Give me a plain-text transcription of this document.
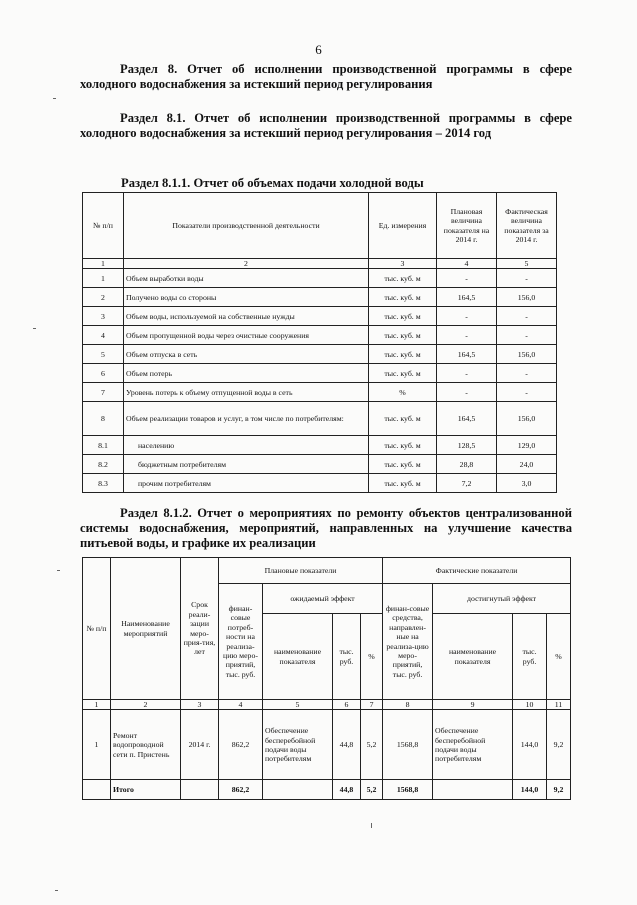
6

Раздел 8. Отчет об исполнении производственной программы в сфере холодного водоснабжения за истекший период регулирования

Раздел 8.1. Отчет об исполнении производственной программы в сфере холодного водоснабжения за истекший период регулирования – 2014 год

Раздел 8.1.1. Отчет об объемах подачи холодной воды

№ п/п	Показатели производственной деятельности	Ед. измерения	Плановая величина показателя на 2014 г.	Фактическая величина показателя за 2014 г.
1	2	3	4	5
1	Объем выработки воды	тыс. куб. м	-	-
2	Получено воды со стороны	тыс. куб. м	164,5	156,0
3	Объем воды, используемой на собственные нужды	тыс. куб. м	-	-
4	Объем пропущенной воды через очистные сооружения	тыс. куб. м	-	-
5	Объем отпуска в сеть	тыс. куб. м	164,5	156,0
6	Объем потерь	тыс. куб. м	-	-
7	Уровень потерь к объему отпущенной воды в сеть	%	-	-
8	Объем реализации товаров и услуг, в том числе по потребителям:	тыс. куб. м	164,5	156,0
8.1	населению	тыс. куб. м	128,5	129,0
8.2	бюджетным потребителям	тыс. куб. м	28,8	24,0
8.3	прочим потребителям	тыс. куб. м	7,2	3,0

Раздел 8.1.2. Отчет о мероприятиях по ремонту объектов централизованной системы водоснабжения, мероприятий, направленных на улучшение качества питьевой воды, и графике их реализации

№ п/п	Наименование мероприятий	Срок реали-зации меро-прия-тия, лет	Плановые показатели				Фактические показатели			
			финан-совые потреб-ности на реализа-цию меро-приятий, тыс. руб.	ожидаемый эффект			финан-совые средства, направлен-ные на реализа-цию меро-приятий, тыс. руб.	достигнутый эффект		
				наименование показателя	тыс. руб.	%		наименование показателя	тыс. руб.	%
1	2	3	4	5	6	7	8	9	10	11
1	Ремонт водопроводной сети п. Пристень	2014 г.	862,2	Обеспечение бесперебойной подачи воды потребителям	44,8	5,2	1568,8	Обеспечение бесперебойной подачи воды потребителям	144,0	9,2
	Итого		862,2		44,8	5,2	1568,8		144,0	9,2
